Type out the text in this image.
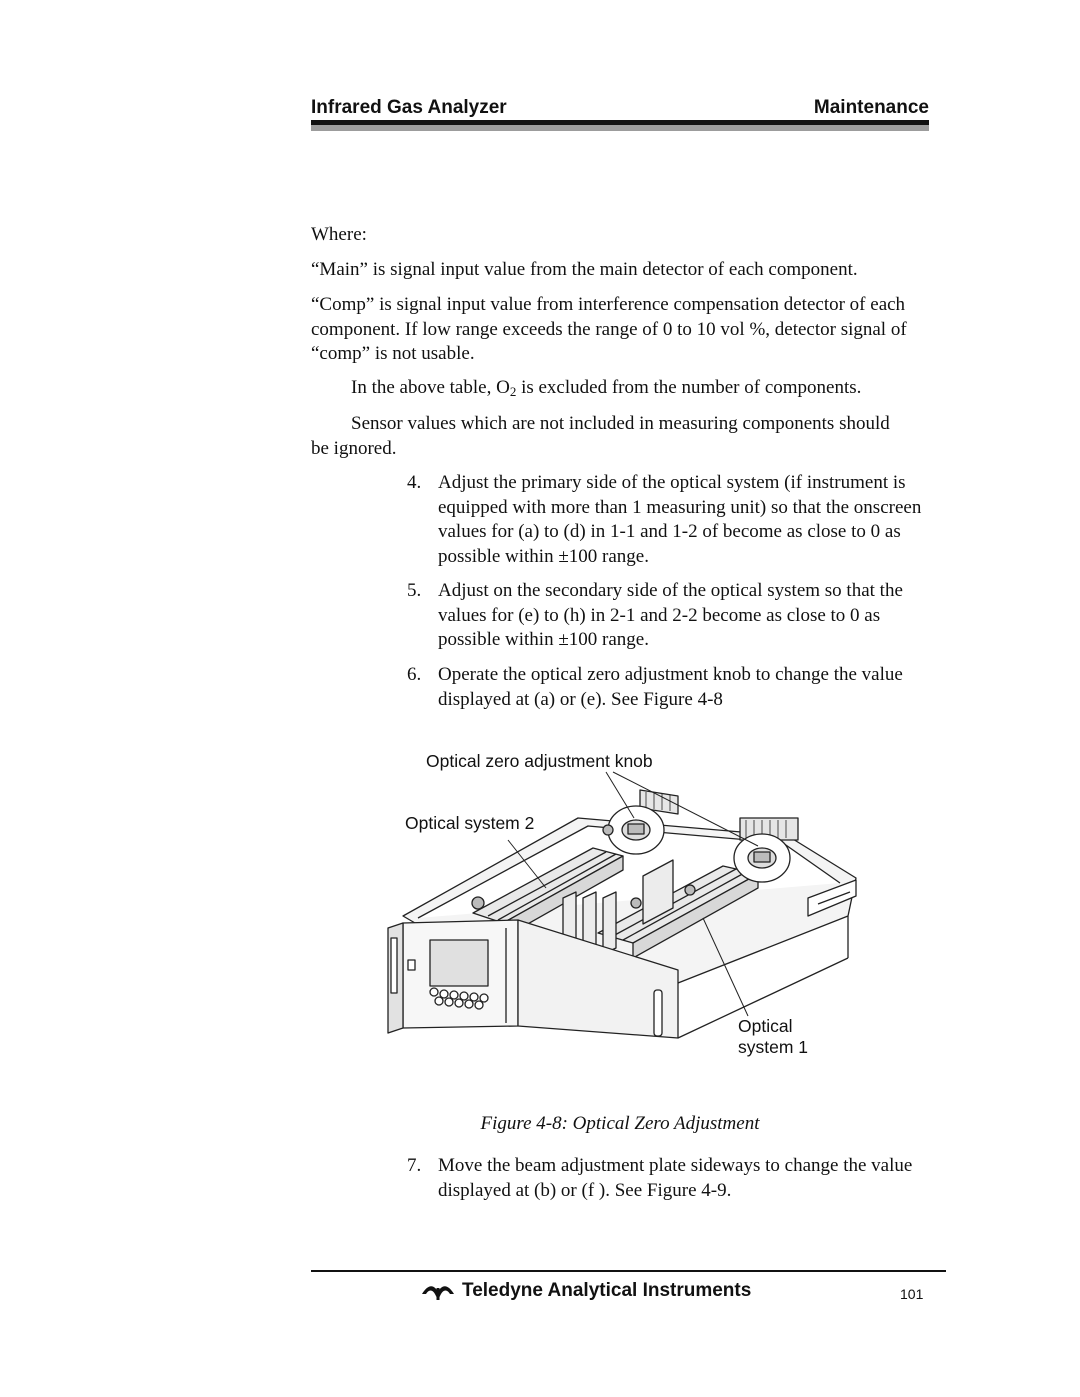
Infrared Gas Analyzer	Maintenance

Where:

“Main” is signal input value from the main detector of each component.

“Comp” is signal input value from interference compensation detector of each component. If low range exceeds the range of 0 to 10 vol %, detector signal of “comp” is not usable.

In the above table, $O_2$ is excluded from the number of components.

Sensor values which are not included in measuring components should be ignored.

4. Adjust the primary side of the optical system (if instrument is equipped with more than 1 measuring unit) so that the onscreen values for (a) to (d) in 1-1 and 1-2 of become as close to 0 as possible within ±100 range.
5. Adjust on the secondary side of the optical system so that the values for (e) to (h) in 2-1 and 2-2 become as close to 0 as possible within ±100 range.
6. Operate the optical zero adjustment knob to change the value displayed at (a) or (e). See Figure 4-8
Optical zero adjustment knob
Optical system 2
Optical
system 1
Figure 4-8: Optical Zero Adjustment
7. Move the beam adjustment plate sideways to change the value displayed at (b) or (f ). See Figure 4-9.
Teledyne Analytical Instruments	101
